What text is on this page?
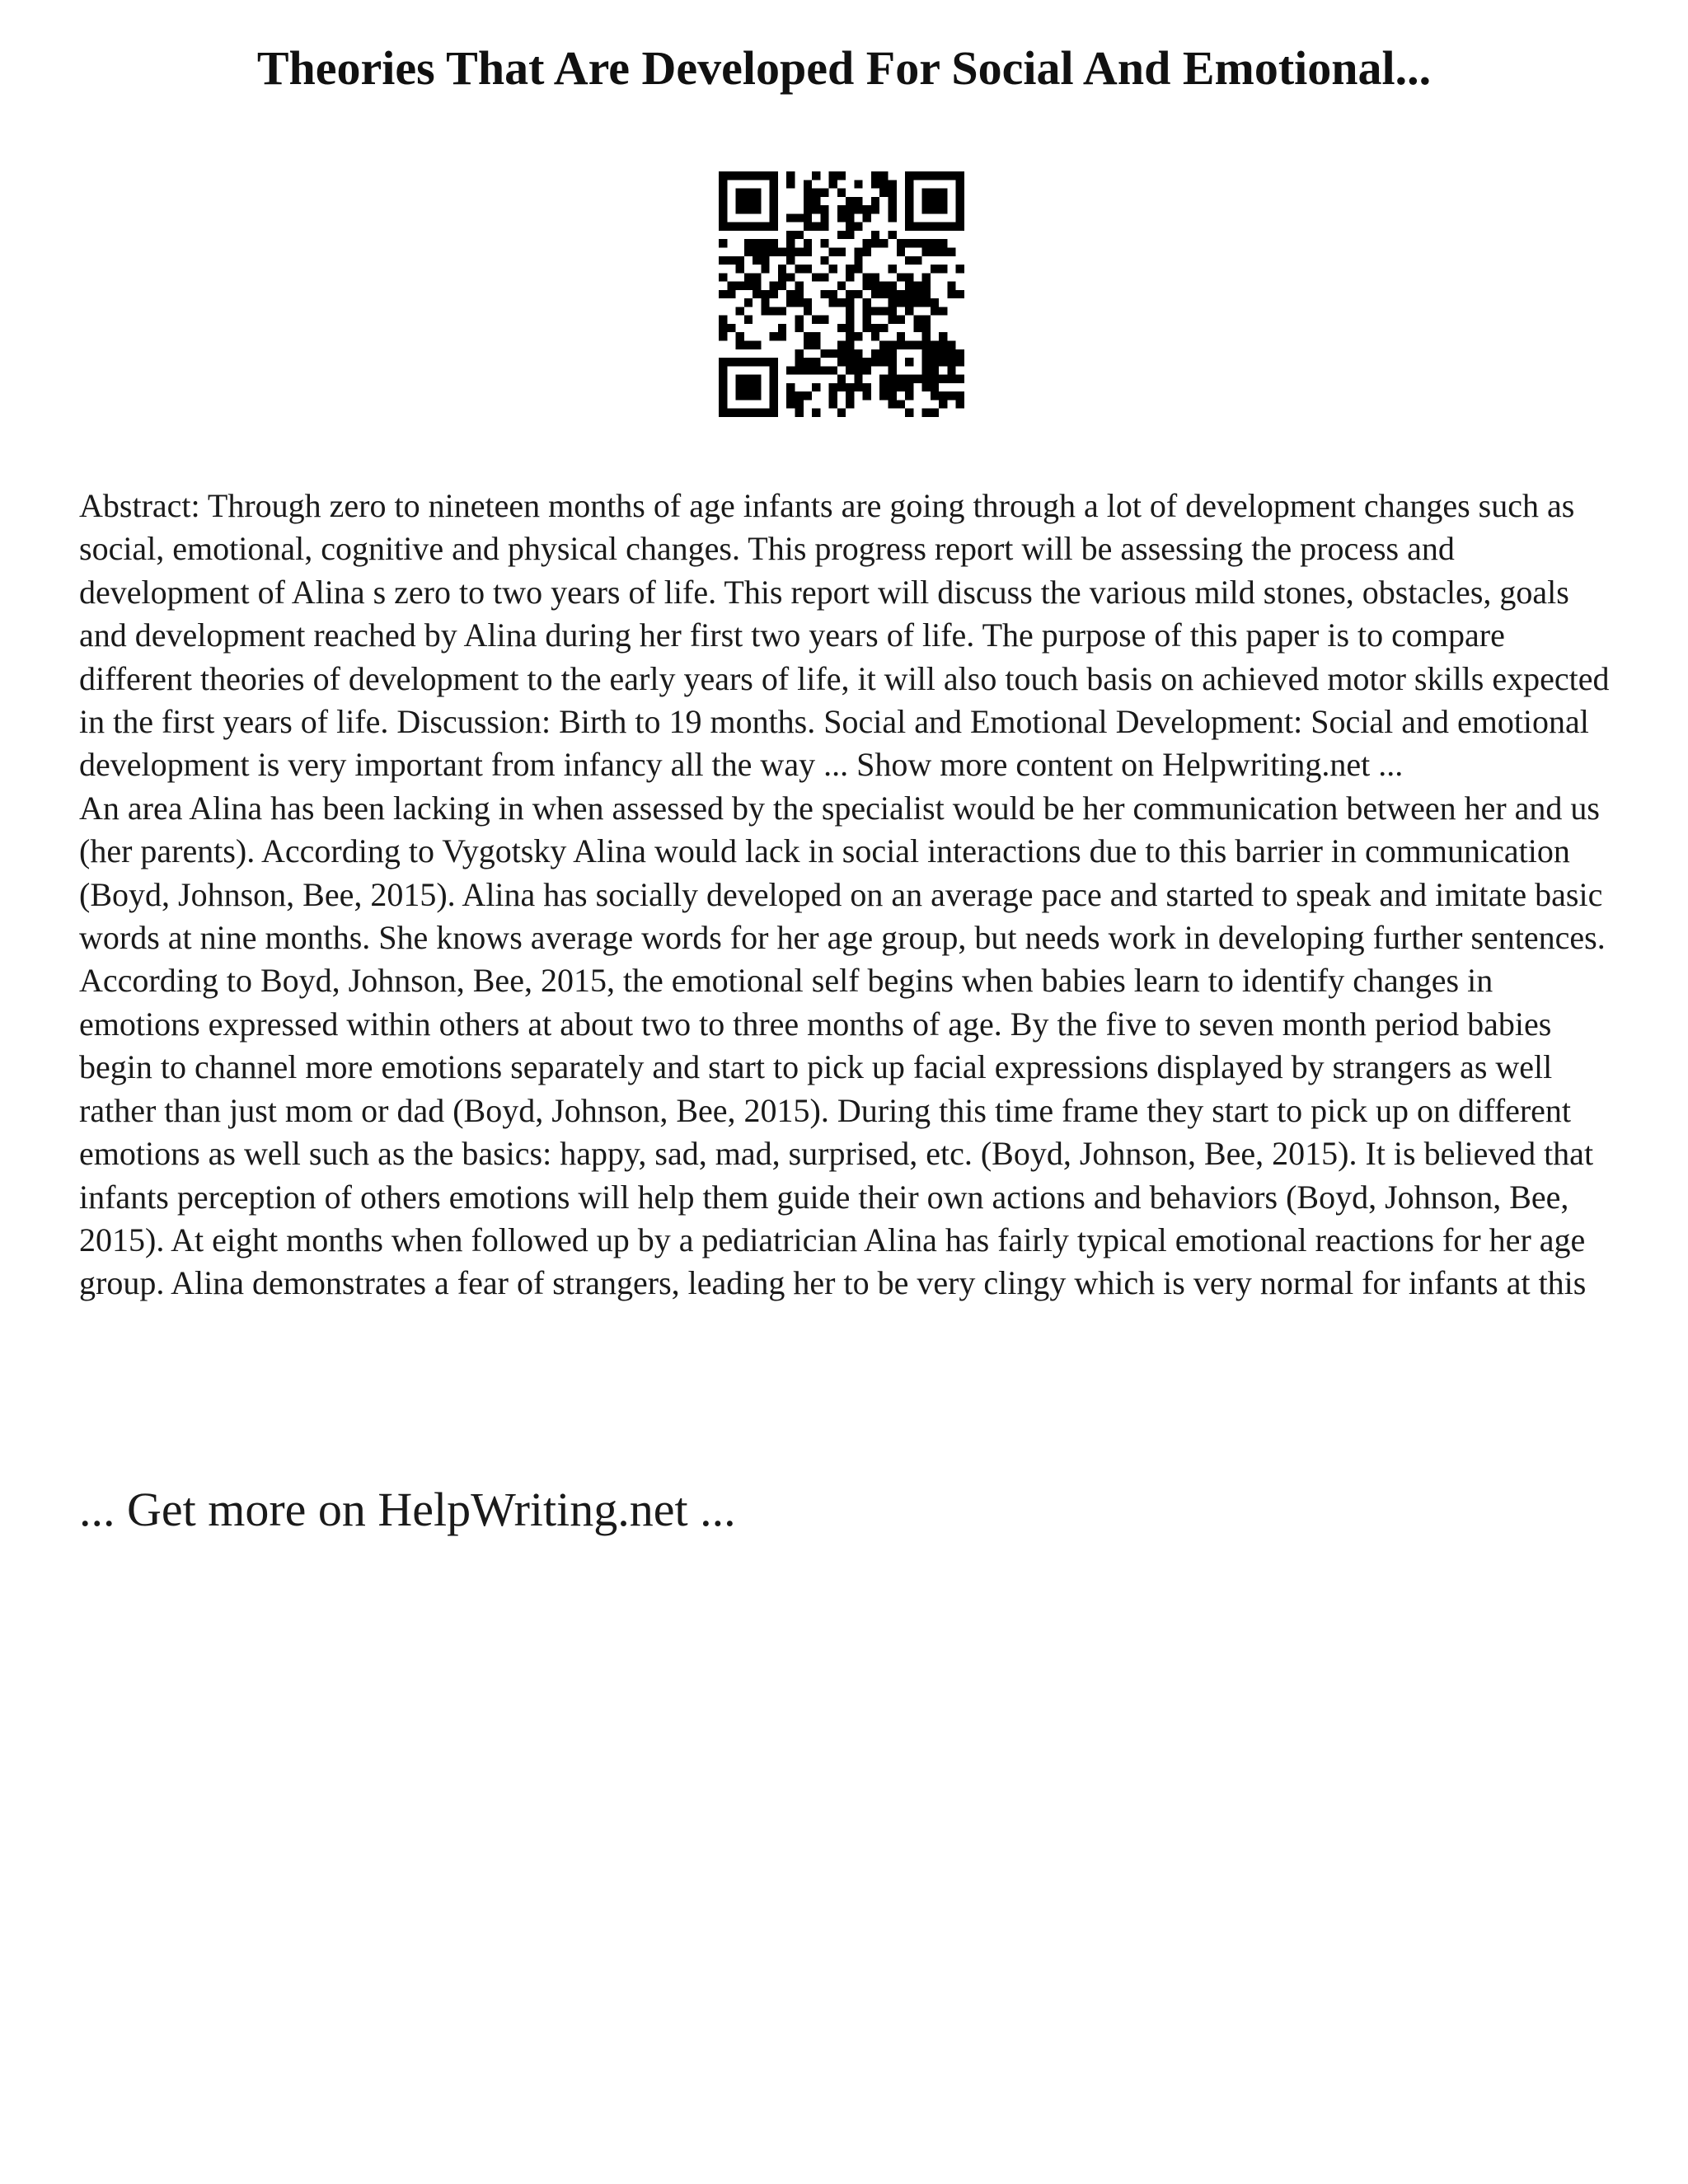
Theories That Are Developed For Social And Emotional...

Abstract: Through zero to nineteen months of age infants are going through a lot of development changes such as social, emotional, cognitive and physical changes. This progress report will be assessing the process and development of Alina s zero to two years of life. This report will discuss the various mild stones, obstacles, goals and development reached by Alina during her first two years of life. The purpose of this paper is to compare different theories of development to the early years of life, it will also touch basis on achieved motor skills expected in the first years of life. Discussion: Birth to 19 months. Social and Emotional Development: Social and emotional development is very important from infancy all the way ... Show more content on Helpwriting.net ...

An area Alina has been lacking in when assessed by the specialist would be her communication between her and us (her parents). According to Vygotsky Alina would lack in social interactions due to this barrier in communication (Boyd, Johnson, Bee, 2015). Alina has socially developed on an average pace and started to speak and imitate basic words at nine months. She knows average words for her age group, but needs work in developing further sentences. According to Boyd, Johnson, Bee, 2015, the emotional self begins when babies learn to identify changes in emotions expressed within others at about two to three months of age. By the five to seven month period babies begin to channel more emotions separately and start to pick up facial expressions displayed by strangers as well rather than just mom or dad (Boyd, Johnson, Bee, 2015). During this time frame they start to pick up on different emotions as well such as the basics: happy, sad, mad, surprised, etc. (Boyd, Johnson, Bee, 2015). It is believed that infants perception of others emotions will help them guide their own actions and behaviors (Boyd, Johnson, Bee, 2015). At eight months when followed up by a pediatrician Alina has fairly typical emotional reactions for her age group. Alina demonstrates a fear of strangers, leading her to be very clingy which is very normal for infants at this

... Get more on HelpWriting.net ...
